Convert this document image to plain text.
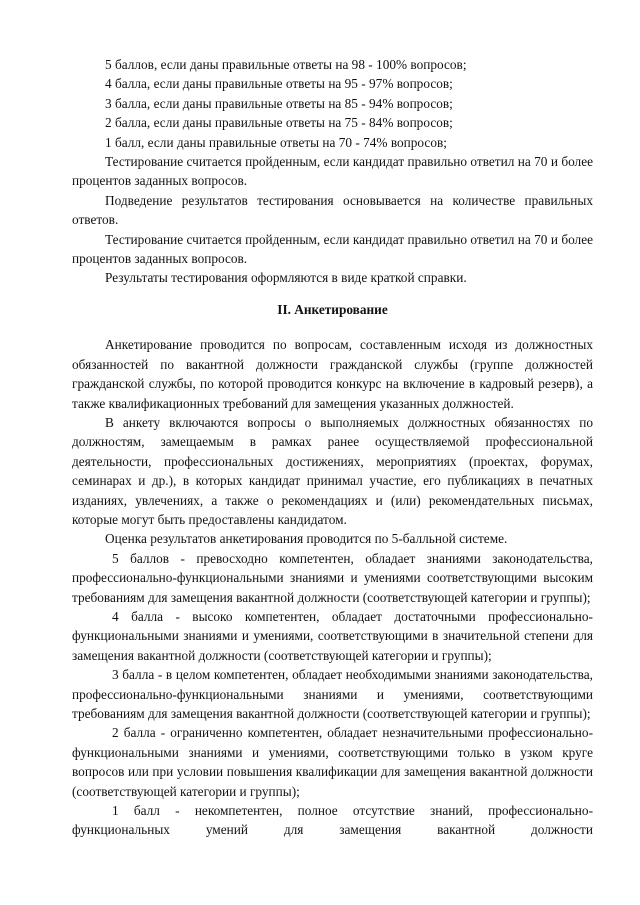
5 баллов, если даны правильные ответы на 98 - 100% вопросов;

4 балла, если даны правильные ответы на 95 - 97% вопросов;

3 балла, если даны правильные ответы на 85 - 94% вопросов;

2 балла, если даны правильные ответы на 75 - 84% вопросов;

1 балл, если даны правильные ответы на 70 - 74% вопросов;

Тестирование считается пройденным, если кандидат правильно ответил на 70 и более процентов заданных вопросов.

Подведение результатов тестирования основывается на количестве правильных ответов.

Тестирование считается пройденным, если кандидат правильно ответил на 70 и более процентов заданных вопросов.

Результаты тестирования оформляются в виде краткой справки.

II. Анкетирование

Анкетирование проводится по вопросам, составленным исходя из должностных обязанностей по вакантной должности гражданской службы (группе должностей гражданской службы, по которой проводится конкурс на включение в кадровый резерв), а также квалификационных требований для замещения указанных должностей.

В анкету включаются вопросы о выполняемых должностных обязанностях по должностям, замещаемым в рамках ранее осуществляемой профессиональной деятельности, профессиональных достижениях, мероприятиях (проектах, форумах, семинарах и др.), в которых кандидат принимал участие, его публикациях в печатных изданиях, увлечениях, а также о рекомендациях и (или) рекомендательных письмах, которые могут быть предоставлены кандидатом.

Оценка результатов анкетирования проводится по 5-балльной системе.

5 баллов - превосходно компетентен, обладает знаниями законодательства, профессионально-функциональными знаниями и умениями соответствующими высоким требованиям для замещения вакантной должности (соответствующей категории и группы);

4 балла - высоко компетентен, обладает достаточными профессионально-функциональными знаниями и умениями, соответствующими в значительной степени для замещения вакантной должности (соответствующей категории и группы);

3 балла - в целом компетентен, обладает необходимыми знаниями законодательства, профессионально-функциональными знаниями и умениями, соответствующими требованиям для замещения вакантной должности (соответствующей категории и группы);

2 балла - ограниченно компетентен, обладает незначительными профессионально-функциональными знаниями и умениями, соответствующими только в узком круге вопросов или при условии повышения квалификации для замещения вакантной должности (соответствующей категории и группы);

1 балл - некомпетентен, полное отсутствие знаний, профессионально-функциональных умений для замещения вакантной должности
